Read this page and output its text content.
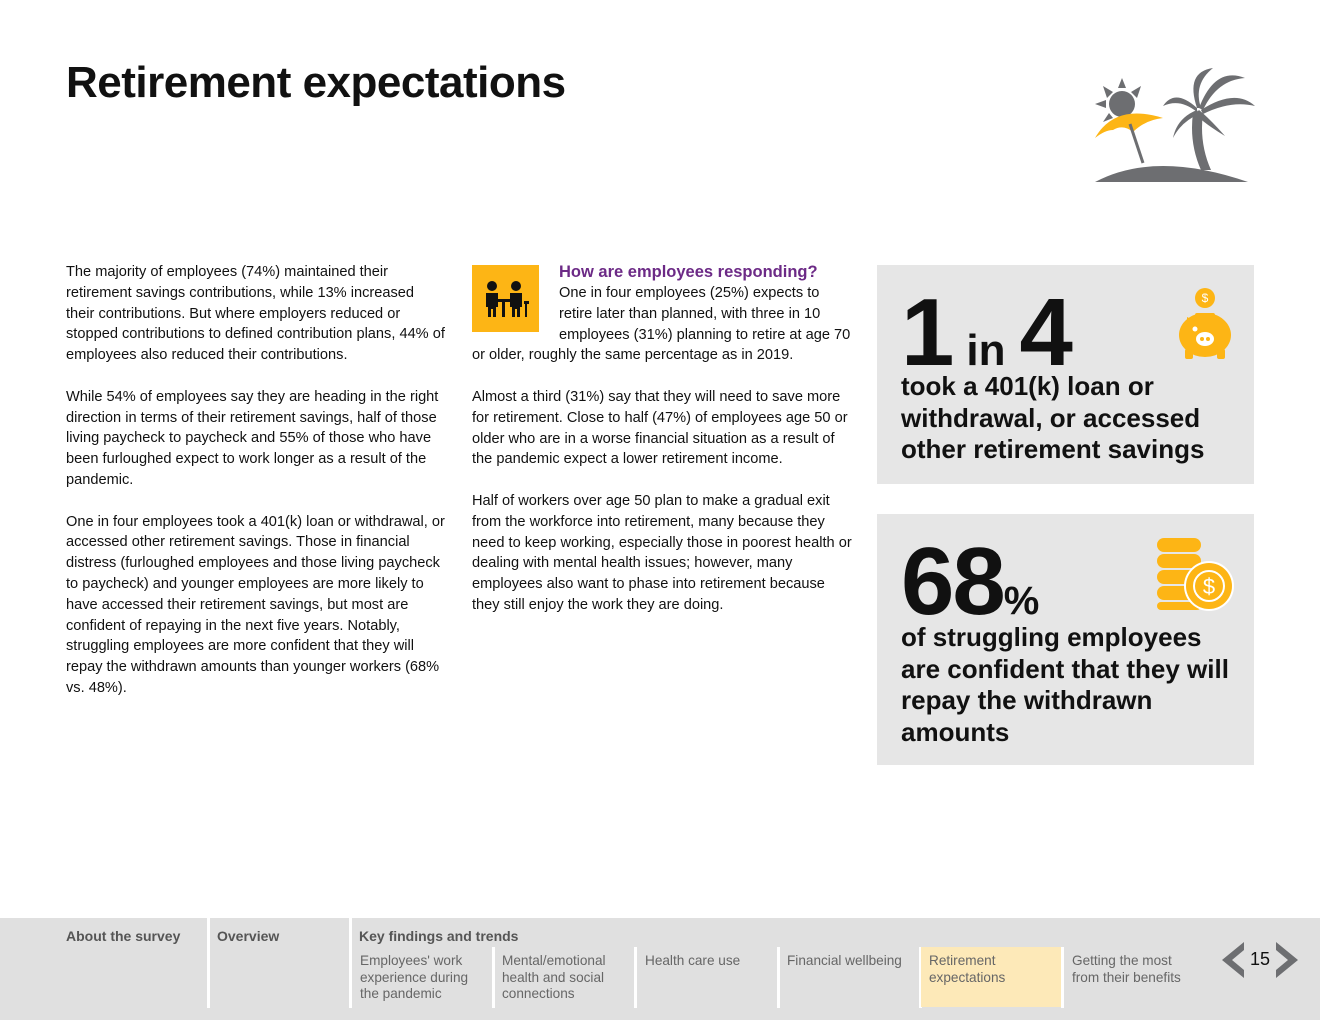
Retirement expectations

The majority of employees (74%) maintained their retirement savings contributions, while 13% increased their contributions. But where employers reduced or stopped contributions to defined contribution plans, 44% of employees also reduced their contributions.

While 54% of employees say they are heading in the right direction in terms of their retirement savings, half of those living paycheck to paycheck and 55% of those who have been furloughed expect to work longer as a result of the pandemic.

One in four employees took a 401(k) loan or withdrawal, or accessed other retirement savings. Those in financial distress (furloughed employees and those living paycheck to paycheck) and younger employees are more likely to have accessed their retirement savings, but most are confident of repaying in the next five years. Notably, struggling employees are more confident that they will repay the withdrawn amounts than younger workers (68% vs. 48%).

How are employees responding?

One in four employees (25%) expects to retire later than planned, with three in 10 employees (31%) planning to retire at age 70 or older, roughly the same percentage as in 2019.

Almost a third (31%) say that they will need to save more for retirement. Close to half (47%) of employees age 50 or older who are in a worse financial situation as a result of the pandemic expect a lower retirement income.

Half of workers over age 50 plan to make a gradual exit from the workforce into retirement, many because they need to keep working, especially those in poorest health or dealing with mental health issues; however, many employees also want to phase into retirement because they still enjoy the work they are doing.

1 in 4
took a 401(k) loan or withdrawal, or accessed other retirement savings
$
68%
of struggling employees are confident that they will repay the withdrawn amounts
$
About the survey	Overview	Key findings and trends
Employees' work experience during the pandemic
Mental/emotional health and social connections
Health care use	Financial wellbeing	Retirement expectations
Getting the most from their benefits
15
